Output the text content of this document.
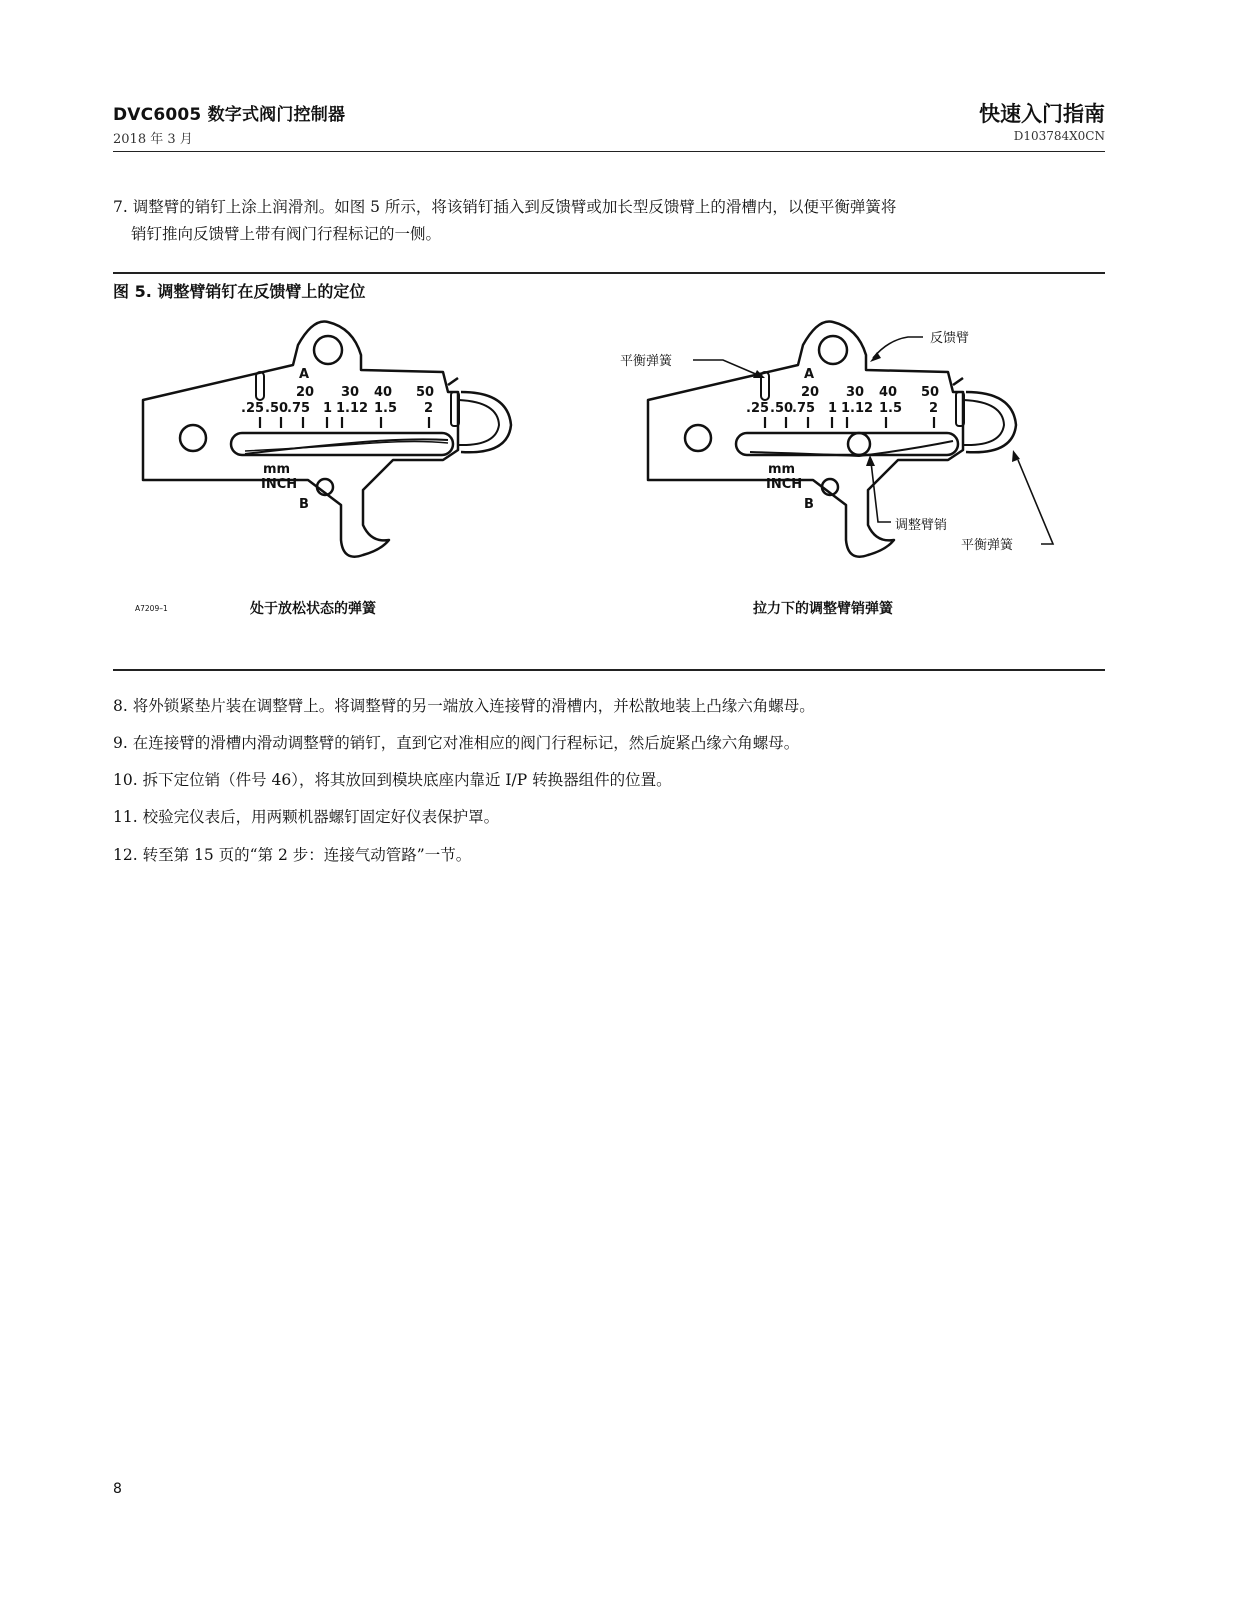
DVC6005 数字式阀门控制器
2018 年 3 月
快速入门指南
D103784X0CN
7. 调整臂的销钉上涂上润滑剂。如图 5 所示，将该销钉插入到反馈臂或加长型反馈臂上的滑槽内，以便平衡弹簧将
销钉推向反馈臂上带有阀门行程标记的一侧。
图 5. 调整臂销钉在反馈臂上的定位
A
20 30 40 50
.25 .50
.75 1 1.12 1.5 2
mm
INCH
B
A
20 30 40 50
.25 .50
.75 1 1.12 1.5 2
mm
INCH
B
反馈臂
平衡弹簧
调整臂销
平衡弹簧
A7209–1	处于放松状态的弹簧	拉力下的调整臂销弹簧
8. 将外锁紧垫片装在调整臂上。将调整臂的另一端放入连接臂的滑槽内，并松散地装上凸缘六角螺母。
9. 在连接臂的滑槽内滑动调整臂的销钉，直到它对准相应的阀门行程标记，然后旋紧凸缘六角螺母。
10. 拆下定位销（件号 46），将其放回到模块底座内靠近 I/P 转换器组件的位置。
11. 校验完仪表后，用两颗机器螺钉固定好仪表保护罩。
12. 转至第 15 页的“第 2 步：连接气动管路”一节。
8
